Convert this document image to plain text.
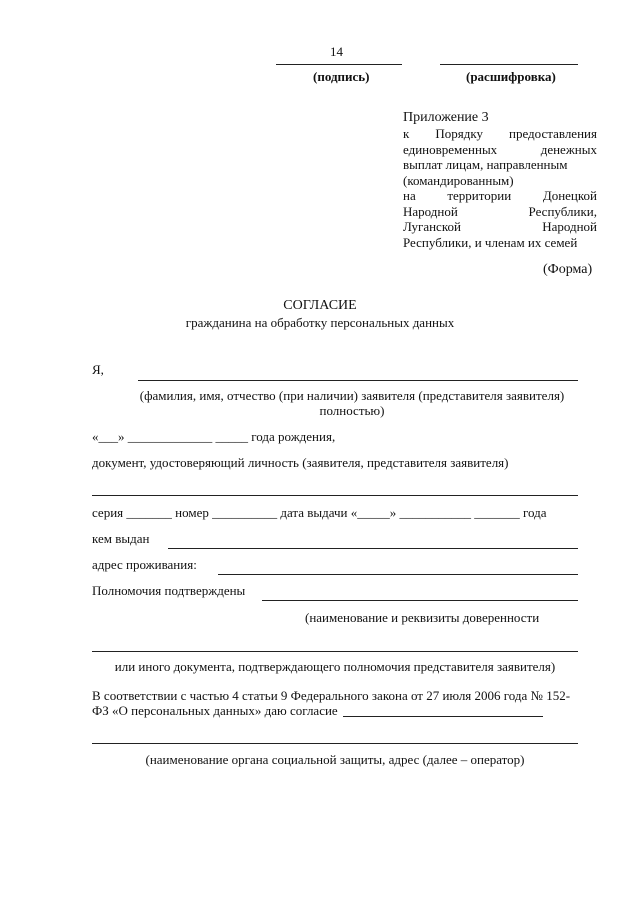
14
(подпись)	(расшифровка)
Приложение 3
к Порядку предоставления
единовременных	денежных
выплат лицам, направленным
(командированным)
на территории Донецкой
Народной	Республики,
Луганской	Народной
Республики, и членам их семей
(Форма)
СОГЛАСИЕ
гражданина на обработку персональных данных
Я,
(фамилия, имя, отчество (при наличии) заявителя (представителя заявителя)
полностью)
«___» _____________ _____ года рождения,
документ, удостоверяющий личность (заявителя, представителя заявителя)
серия _______ номер __________ дата выдачи «_____» ___________ _______ года
кем выдан
адрес проживания:
Полномочия подтверждены
(наименование и реквизиты доверенности
или иного документа, подтверждающего полномочия представителя заявителя)
В соответствии с частью 4 статьи 9 Федерального закона от 27 июля 2006 года № 152-
ФЗ «О персональных данных» даю согласие
(наименование органа социальной защиты, адрес (далее – оператор)
